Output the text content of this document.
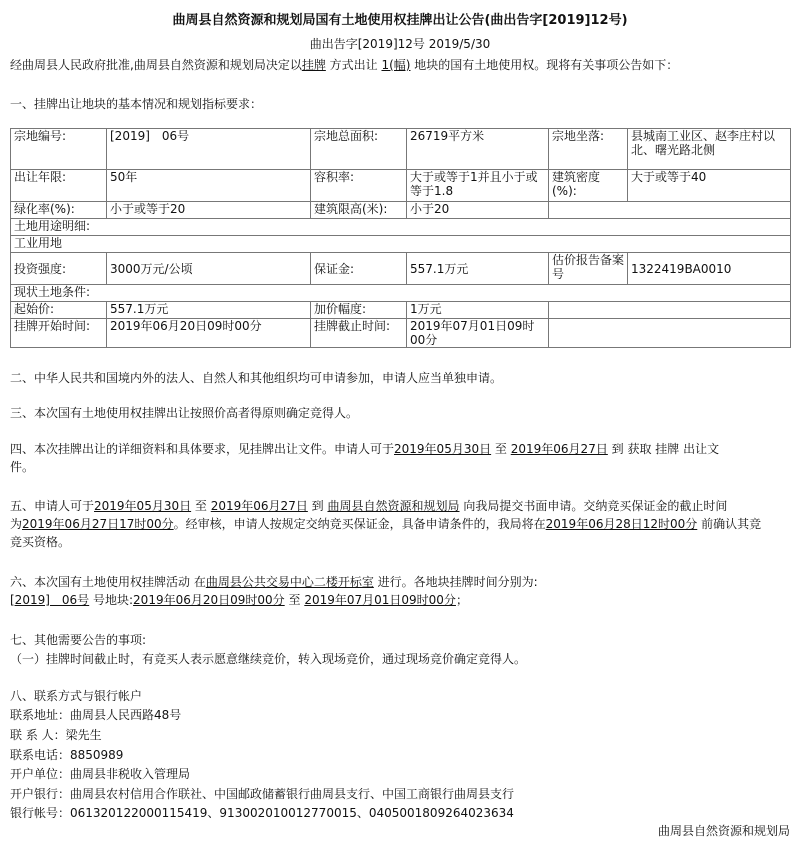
曲周县自然资源和规划局国有土地使用权挂牌出让公告(曲出告字[2019]12号)
曲出告字[2019]12号 2019/5/30
经曲周县人民政府批准,曲周县自然资源和规划局决定以挂牌 方式出让 1(幅) 地块的国有土地使用权。现将有关事项公告如下：
一、挂牌出让地块的基本情况和规划指标要求：
宗地编号:	[2019]　06号	宗地总面积:	26719平方米	宗地坐落:	县城南工业区、赵李庄村以北、曙光路北侧
出让年限:	50年	容积率:	大于或等于1并且小于或等于1.8	建筑密度(%):	大于或等于40
绿化率(%):	小于或等于20	建筑限高(米):	小于20		
土地用途明细:					
工业用地					
投资强度:	3000万元/公顷	保证金:	557.1万元	估价报告备案号	1322419BA0010
现状土地条件:					
起始价:	557.1万元	加价幅度:	1万元		
挂牌开始时间:	2019年06月20日09时00分	挂牌截止时间:	2019年07月01日09时00分		
二、中华人民共和国境内外的法人、自然人和其他组织均可申请参加，申请人应当单独申请。
三、本次国有土地使用权挂牌出让按照价高者得原则确定竞得人。
四、本次挂牌出让的详细资料和具体要求，见挂牌出让文件。申请人可于2019年05月30日 至 2019年06月27日 到 获取 挂牌 出让文
件。
五、申请人可于2019年05月30日 至 2019年06月27日 到 曲周县自然资源和规划局 向我局提交书面申请。交纳竞买保证金的截止时间
为2019年06月27日17时00分。经审核，申请人按规定交纳竞买保证金，具备申请条件的，我局将在2019年06月28日12时00分 前确认其竞
竞买资格。
六、本次国有土地使用权挂牌活动 在曲周县公共交易中心二楼开标室 进行。各地块挂牌时间分别为:
[2019]　06号 号地块:2019年06月20日09时00分 至 2019年07月01日09时00分；
七、其他需要公告的事项:
（一）挂牌时间截止时，有竞买人表示愿意继续竞价，转入现场竞价，通过现场竞价确定竞得人。
八、联系方式与银行帐户
联系地址：曲周县人民西路48号
联 系 人：梁先生
联系电话：8850989
开户单位：曲周县非税收入管理局
开户银行：曲周县农村信用合作联社、中国邮政储蓄银行曲周县支行、中国工商银行曲周县支行
银行帐号：061320122000115419、913002010012770015、0405001809264023634
曲周县自然资源和规划局
